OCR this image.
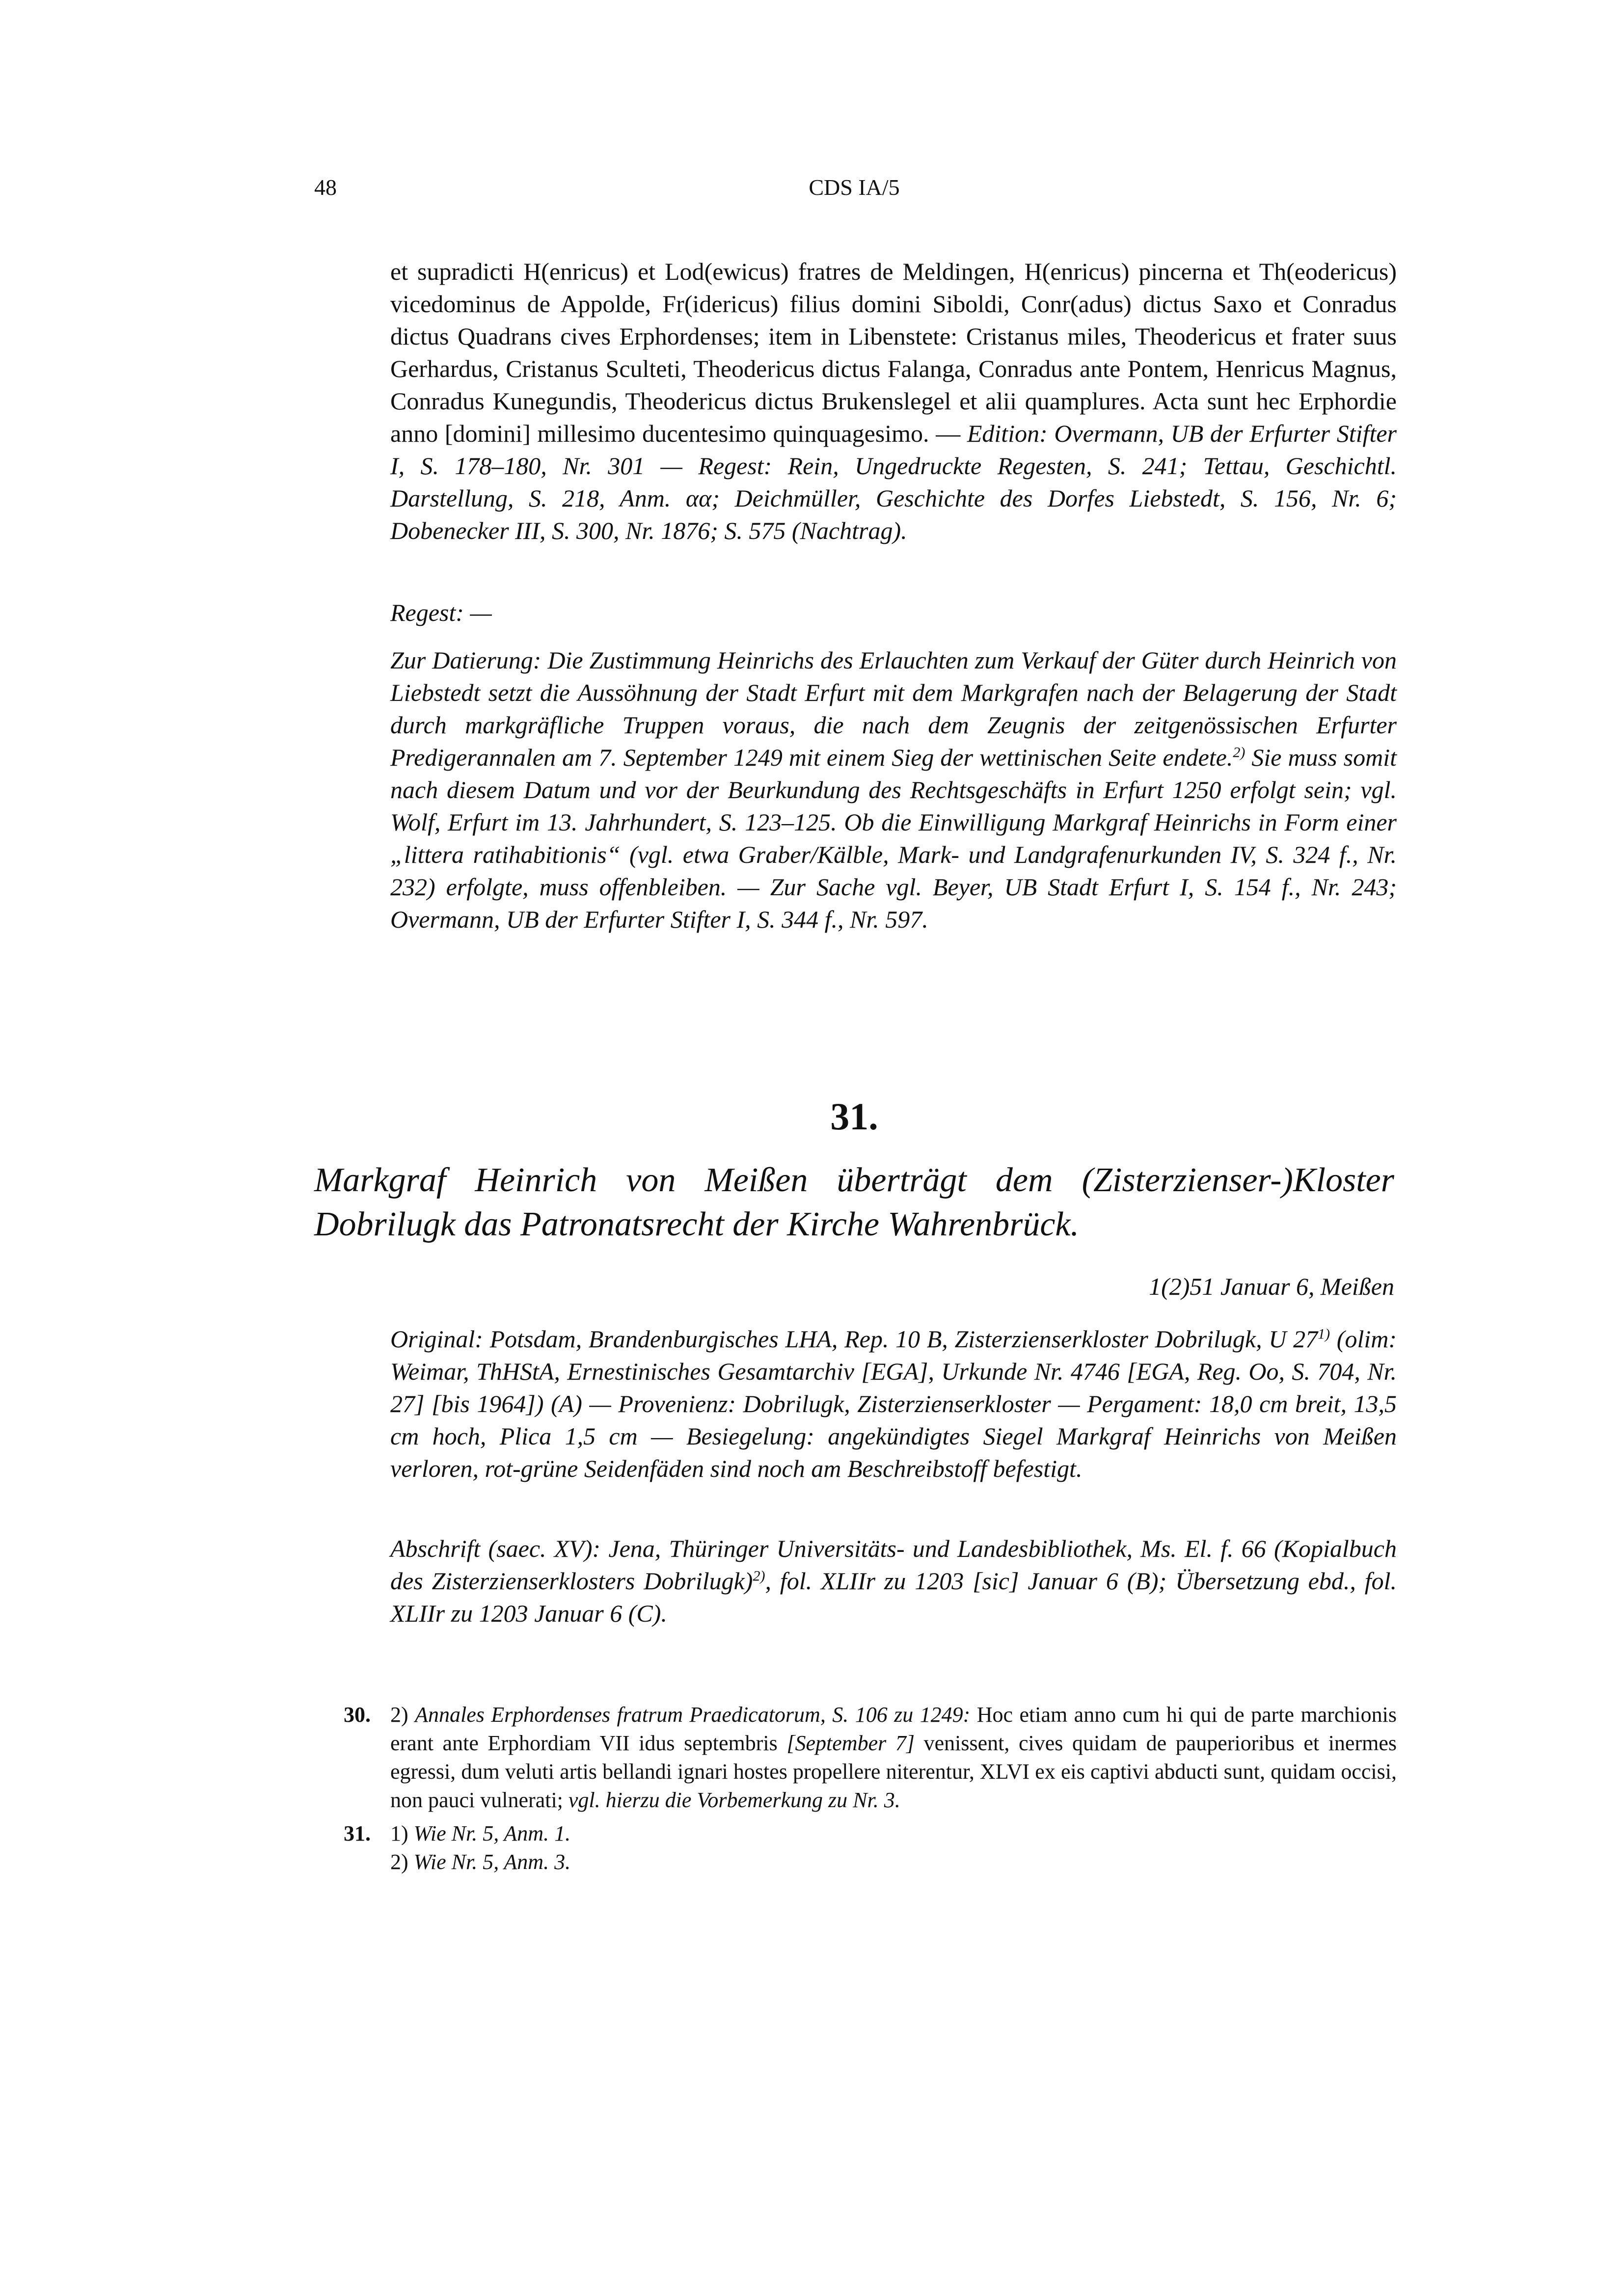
48	CDS IA/5
et supradicti H(enricus) et Lod(ewicus) fratres de Meldingen, H(enricus) pincerna et Th(eodericus) vicedominus de Appolde, Fr(idericus) filius domini Siboldi, Conr(adus) dictus Saxo et Conradus dictus Quadrans cives Erphordenses; item in Libenstete: Cristanus miles, Theodericus et frater suus Gerhardus, Cristanus Sculteti, Theodericus dictus Falanga, Conradus ante Pontem, Henricus Magnus, Conradus Kunegundis, Theodericus dictus Brukenslegel et alii quamplures. Acta sunt hec Erphordie anno [domini] millesimo ducentesimo quinquagesimo. — Edition: Overmann, UB der Erfurter Stifter I, S. 178–180, Nr. 301 — Regest: Rein, Ungedruckte Regesten, S. 241; Tettau, Geschichtl. Darstellung, S. 218, Anm. αα; Deichmüller, Geschichte des Dorfes Liebstedt, S. 156, Nr. 6; Dobenecker III, S. 300, Nr. 1876; S. 575 (Nachtrag).
Regest: —
Zur Datierung: Die Zustimmung Heinrichs des Erlauchten zum Verkauf der Güter durch Heinrich von Liebstedt setzt die Aussöhnung der Stadt Erfurt mit dem Markgrafen nach der Belagerung der Stadt durch markgräfliche Truppen voraus, die nach dem Zeugnis der zeitgenössischen Erfurter Predigerannalen am 7. September 1249 mit einem Sieg der wettinischen Seite endete.$^{2)}$ Sie muss somit nach diesem Datum und vor der Beurkundung des Rechtsgeschäfts in Erfurt 1250 erfolgt sein; vgl. Wolf, Erfurt im 13. Jahrhundert, S. 123–125. Ob die Einwilligung Markgraf Heinrichs in Form einer „littera ratihabitionis“ (vgl. etwa Graber/Kälble, Mark- und Landgrafenurkunden IV, S. 324 f., Nr. 232) erfolgte, muss offenbleiben. — Zur Sache vgl. Beyer, UB Stadt Erfurt I, S. 154 f., Nr. 243; Overmann, UB der Erfurter Stifter I, S. 344 f., Nr. 597.
31.
Markgraf Heinrich von Meißen überträgt dem (Zisterzienser-)Kloster Dobrilugk das Patronatsrecht der Kirche Wahrenbrück.
1(2)51 Januar 6, Meißen
Original: Potsdam, Brandenburgisches LHA, Rep. 10 B, Zisterzienserkloster Dobrilugk, U 27$^{1)}$ (olim: Weimar, ThHStA, Ernestinisches Gesamtarchiv [EGA], Urkunde Nr. 4746 [EGA, Reg. Oo, S. 704, Nr. 27] [bis 1964]) (A) — Provenienz: Dobrilugk, Zisterzienserkloster — Pergament: 18,0 cm breit, 13,5 cm hoch, Plica 1,5 cm — Besiegelung: angekündigtes Siegel Markgraf Heinrichs von Meißen verloren, rot-grüne Seidenfäden sind noch am Beschreibstoff befestigt.
Abschrift (saec. XV): Jena, Thüringer Universitäts- und Landesbibliothek, Ms. El. f. 66 (Kopialbuch des Zisterzienserklosters Dobrilugk)$^{2)}$, fol. XLIIr zu 1203 [sic] Januar 6 (B); Übersetzung ebd., fol. XLIIr zu 1203 Januar 6 (C).
30. 2) Annales Erphordenses fratrum Praedicatorum, S. 106 zu 1249: Hoc etiam anno cum hi qui de parte marchionis erant ante Erphordiam VII idus septembris [September 7] venissent, cives quidam de pauperioribus et inermes egressi, dum veluti artis bellandi ignari hostes propellere niterentur, XLVI ex eis captivi abducti sunt, quidam occisi, non pauci vulnerati; vgl. hierzu die Vorbemerkung zu Nr. 3.
31. 1) Wie Nr. 5, Anm. 1.
2) Wie Nr. 5, Anm. 3.
